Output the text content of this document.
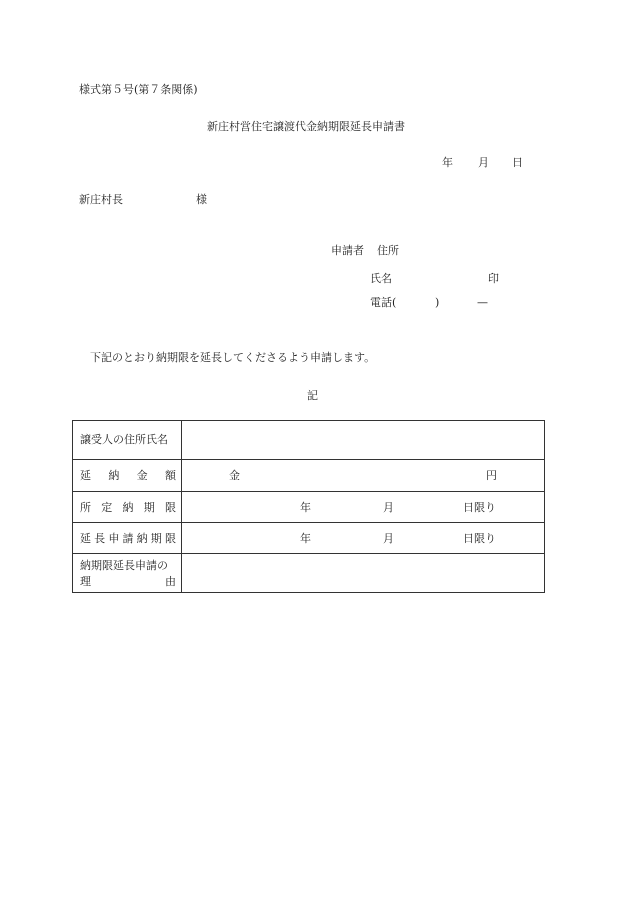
様式第５号(第７条関係)
新庄村営住宅譲渡代金納期限延長申請書
年 月 日
新庄村長	様
申請者 住所
氏名	印
電話(	)	—
下記のとおり納期限を延長してくださるよう申請します。
記
譲受人の住所氏名
延 納 金 額	金	円
所 定 納 期 限	年	月	日限り
延 長 申 請 納 期 限	年	月	日限り
納期限延長申請の
理	由
